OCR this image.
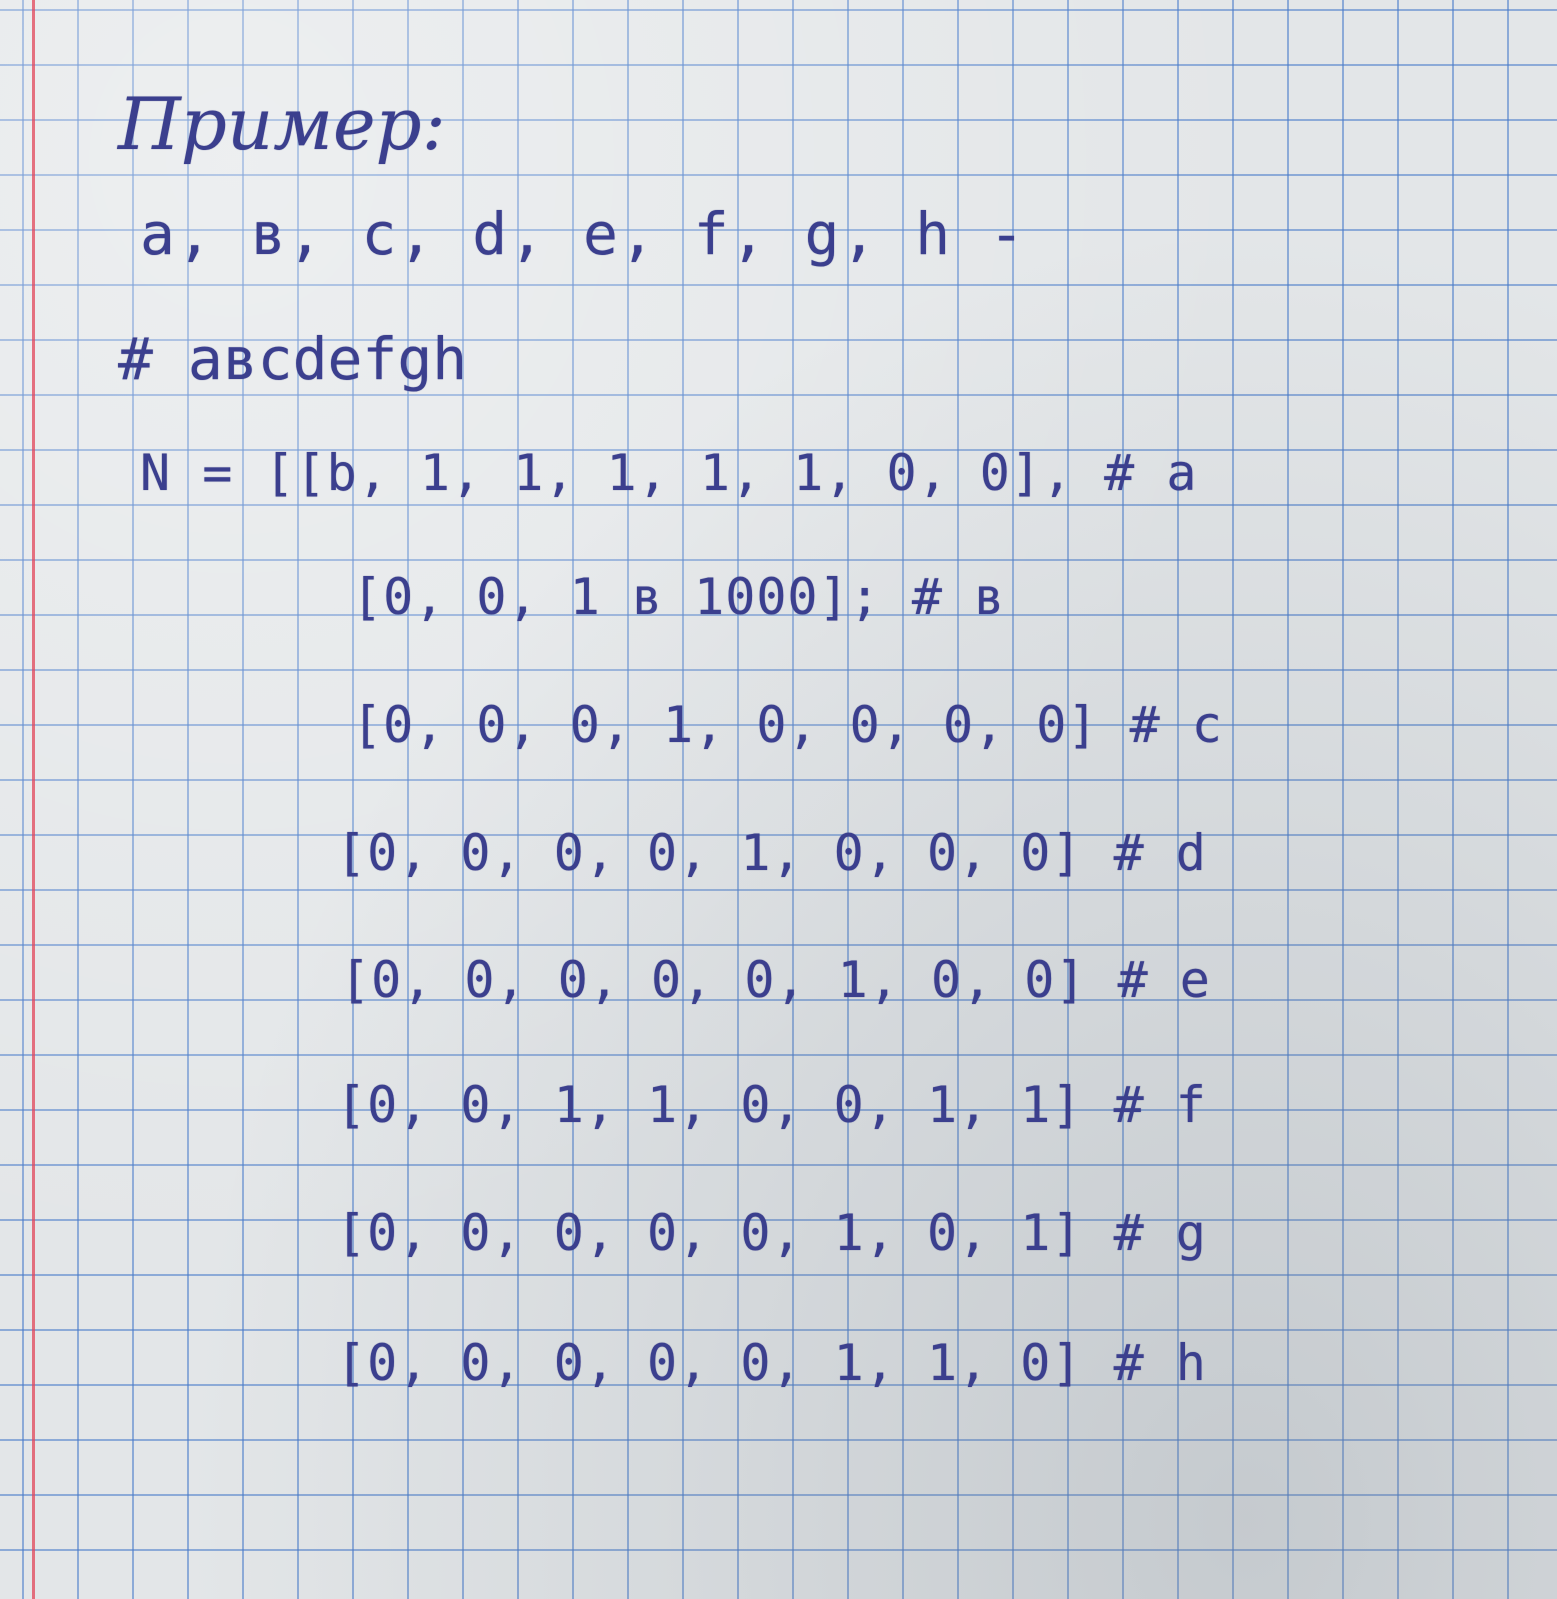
Пример:
a, в, c, d, e, f, g, h -
# aвcdefgh
N = [[b, 1, 1, 1, 1, 1, 0, 0], # a
[0, 0, 1 в 1000]; # в
[0, 0, 0, 1, 0, 0, 0, 0] # c
[0, 0, 0, 0, 1, 0, 0, 0] # d
[0, 0, 0, 0, 0, 1, 0, 0] # e
[0, 0, 1, 1, 0, 0, 1, 1] # f
[0, 0, 0, 0, 0, 1, 0, 1] # g
[0, 0, 0, 0, 0, 1, 1, 0] # h
